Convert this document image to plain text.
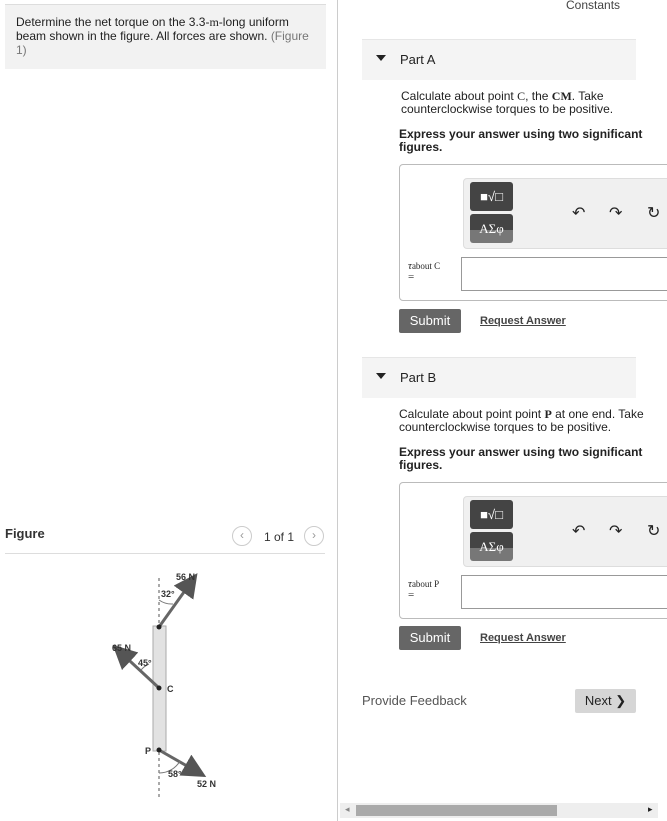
Determine the net torque on the 3.3-m-long uniform beam shown in the figure. All forces are shown. (Figure 1)
Figure	‹	1 of 1	›
56 N
32°
65 N
45°
C
P
58°
52 N
Constants
Part A
Calculate about point C, the CM. Take counterclockwise torques to be positive.
Express your answer using two significant figures.
■√□
ΑΣφ
↶ ↷ ↻
τabout C
=
Submit	Request Answer
Part B
Calculate about point point P at one end. Take counterclockwise torques to be positive.
Express your answer using two significant figures.
■√□
ΑΣφ
↶ ↷ ↻
τabout P
=
Submit	Request Answer
Provide Feedback	Next ❯
◂	▸
